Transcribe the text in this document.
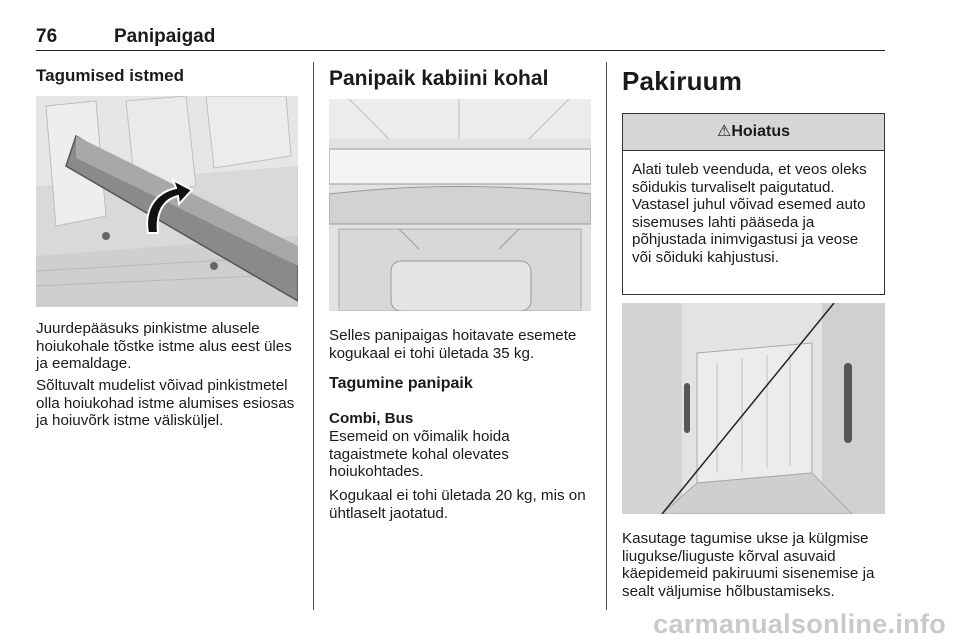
76	Panipaigad
Tagumised istmed
Juurdepääsuks pinkistme alusele hoiukohale tõstke istme alus eest üles ja eemaldage.
Sõltuvalt mudelist võivad pinkistmetel olla hoiukohad istme alumises esiosas ja hoiuvõrk istme välisküljel.
Panipaik kabiini kohal
Selles panipaigas hoitavate esemete kogukaal ei tohi ületada 35 kg.
Tagumine panipaik
Combi, Bus
Esemeid on võimalik hoida tagaistmete kohal olevates hoiukohtades.
Kogukaal ei tohi ületada 20 kg, mis on ühtlaselt jaotatud.
Pakiruum
⚠Hoiatus
Alati tuleb veenduda, et veos oleks sõidukis turvaliselt paigutatud. Vastasel juhul võivad esemed auto sisemuses lahti pääseda ja põhjustada inimvigastusi ja veose või sõiduki kahjustusi.
Kasutage tagumise ukse ja külgmise liugukse/liuguste kõrval asuvaid käepidemeid pakiruumi sisenemise ja sealt väljumise hõlbustamiseks.
carmanualsonline.info
